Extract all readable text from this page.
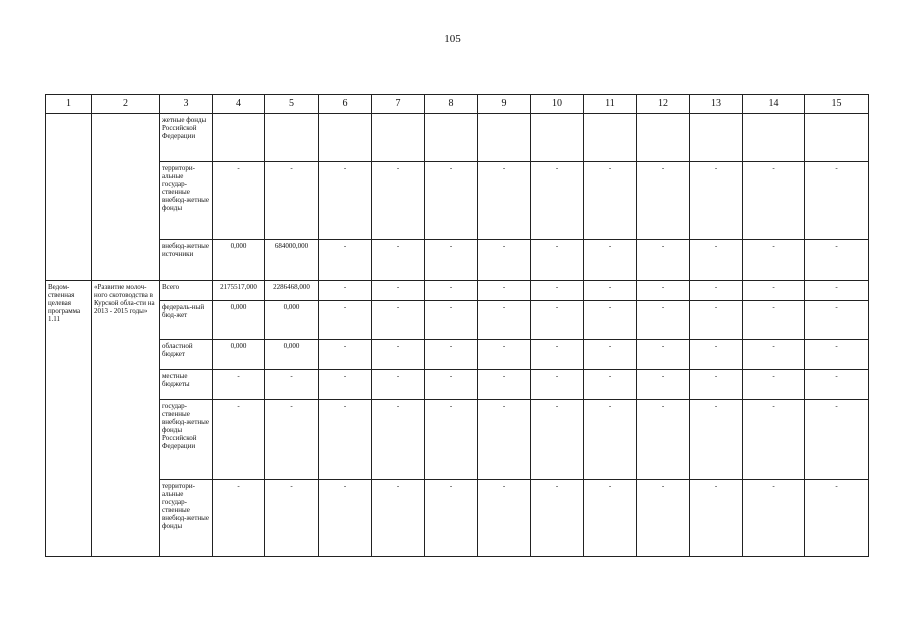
105
1	2	3	4	5	6	7	8	9	10	11	12	13	14	15
		жетные фонды Российской Федерации												
		территори-альные государ-ственные внебюд-жетные фонды	-	-	-	-	-	-	-	-	-	-	-	-
		внебюд-жетные источники	0,000	684000,000	-	-	-	-	-	-	-	-	-	-
Ведом-ственная целевая программа 1.11	«Развитие молоч-ного скотоводства в Курской обла-сти на 2013 - 2015 годы»	Всего	2175517,000	2286468,000	-	-	-	-	-	-	-	-	-	-
		федераль-ный бюд-жет	0,000	0,000	-	-	-	-	-	-	-	-	-	-
		областной бюджет	0,000	0,000	-	-	-	-	-	-	-	-	-	-
		местные бюджеты	-	-	-	-	-	-	-	-	-	-	-	-
		государ-ственные внебюд-жетные фонды Российской Федерации	-	-	-	-	-	-	-	-	-	-	-	-
		территори-альные государ-ственные внебюд-жетные фонды	-	-	-	-	-	-	-	-	-	-	-	-
